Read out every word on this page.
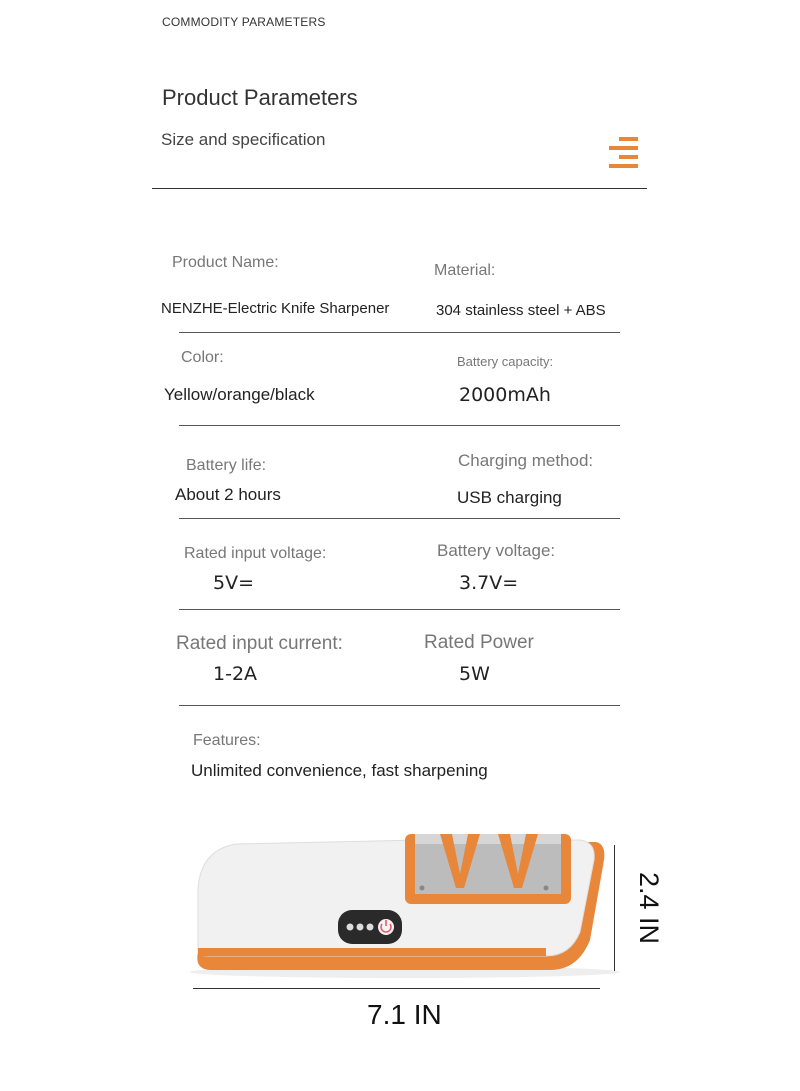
COMMODITY PARAMETERS
Product Parameters
Size and specification
Product Name:
NENZHE-Electric Knife Sharpener
Material:
304 stainless steel + ABS
Color:
Yellow/orange/black
Battery capacity:
2000mAh
Battery life:
About 2 hours
Charging method:
USB charging
Rated input voltage:
5V=
Battery voltage:
3.7V=
Rated input current:
1-2A
Rated Power
5W
Features:
Unlimited convenience, fast sharpening
2.4 IN
7.1 IN
